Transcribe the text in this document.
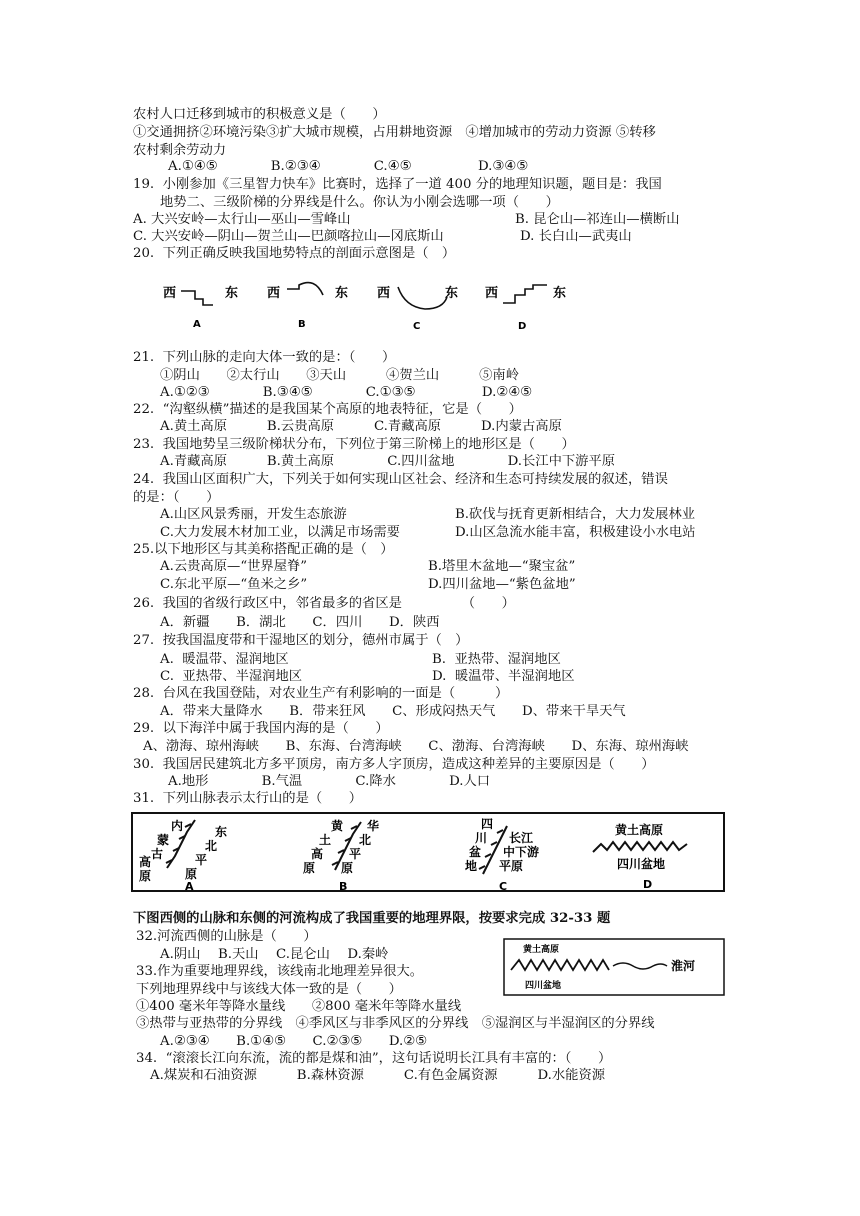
农村人口迁移到城市的积极意义是（　　）
①交通拥挤②环境污染③扩大城市规模，占用耕地资源　④增加城市的劳动力资源 ⑤转移
农村剩余劳动力
A.①④⑤　　　　B.②③④　　　　C.④⑤　　　　　D.③④⑤
19.  小刚参加《三星智力快车》比赛时，选择了一道 400 分的地理知识题，题目是：我国
地势二、三级阶梯的分界线是什么。你认为小刚会选哪一项（　　）
A. 大兴安岭—太行山—巫山—雪峰山	B. 昆仑山—祁连山—横断山
C. 大兴安岭—阴山—贺兰山—巴颜喀拉山—冈底斯山	D. 长白山—武夷山
20.  下列正确反映我国地势特点的剖面示意图是（　）
西	东
A
西	东
B
西	东
C
西	东
D
21.  下列山脉的走向大体一致的是：（　　）
①阴山　　②太行山　　③天山　　　④贺兰山　　　⑤南岭
A.①②③　　　　B.③④⑤　　　　C.①③⑤　　　　　D.②④⑤
22.  “沟壑纵横”描述的是我国某个高原的地表特征，它是（　　）
A.黄土高原　　　B.云贵高原　　　C.青藏高原　　　D.内蒙古高原
23.  我国地势呈三级阶梯状分布，下列位于第三阶梯上的地形区是（　　）
A.青藏高原　　　B.黄土高原　　　　C.四川盆地　　　　D.长江中下游平原
24.  我国山区面积广大，下列关于如何实现山区社会、经济和生态可持续发展的叙述，错误
的是：（　　）
A.山区风景秀丽，开发生态旅游	B.砍伐与抚育更新相结合，大力发展林业
C.大力发展木材加工业，以满足市场需要	D.山区急流水能丰富，积极建设小水电站
25.以下地形区与其美称搭配正确的是（　）
A.云贵高原—“世界屋脊”	B.塔里木盆地—“聚宝盆”
C.东北平原—“鱼米之乡”	D.四川盆地—“紫色盆地”
26.  我国的省级行政区中，邻省最多的省区是　　　　　（　　）
A．新疆　　B．湖北　　C．四川　　D．陕西
27.  按我国温度带和干湿地区的划分，德州市属于（　）
A.  暖温带、湿润地区	B.  亚热带、湿润地区
C.  亚热带、半湿润地区	D.  暖温带、半湿润地区
28.  台风在我国登陆，对农业生产有利影响的一面是（　　　）
A．带来大量降水　　B．带来狂风　　C、形成闷热天气　　D、带来干旱天气
29.  以下海洋中属于我国内海的是（　　）
A、渤海、琼州海峡　　B、东海、台湾海峡　　C、渤海、台湾海峡　　D、东海、琼州海峡
30.  我国居民建筑北方多平顶房，南方多人字顶房，造成这种差异的主要原因是（　　）
A.地形　　　　B.气温　　　　C.降水　　　　D.人口
31.  下列山脉表示太行山的是（　　）
内
蒙
古
高
原
东
北
平
原
A
黄
土
高
原
华
北
平
原
B
四
川
盆
地
长江
中下游
平原
C
黄土高原
四川盆地
D
下图西侧的山脉和东侧的河流构成了我国重要的地理界限，按要求完成 32-33 题
32.河流西侧的山脉是（　　）
A.阴山　 B.天山　 C.昆仑山　 D.秦岭
33.作为重要地理界线，该线南北地理差异很大。
下列地理界线中与该线大体一致的是（　　）
①400 毫米年等降水量线　　②800 毫米年等降水量线
③热带与亚热带的分界线　④季风区与非季风区的分界线　⑤湿润区与半湿润区的分界线
A.②③④　　B.①④⑤　　C.②③⑤　　D.②⑤
34.  “滚滚长江向东流，流的都是煤和油”，这句话说明长江具有丰富的：（　　）
A.煤炭和石油资源　　　B.森林资源　　　C.有色金属资源　　　D.水能资源
黄土高原
淮河
四川盆地
